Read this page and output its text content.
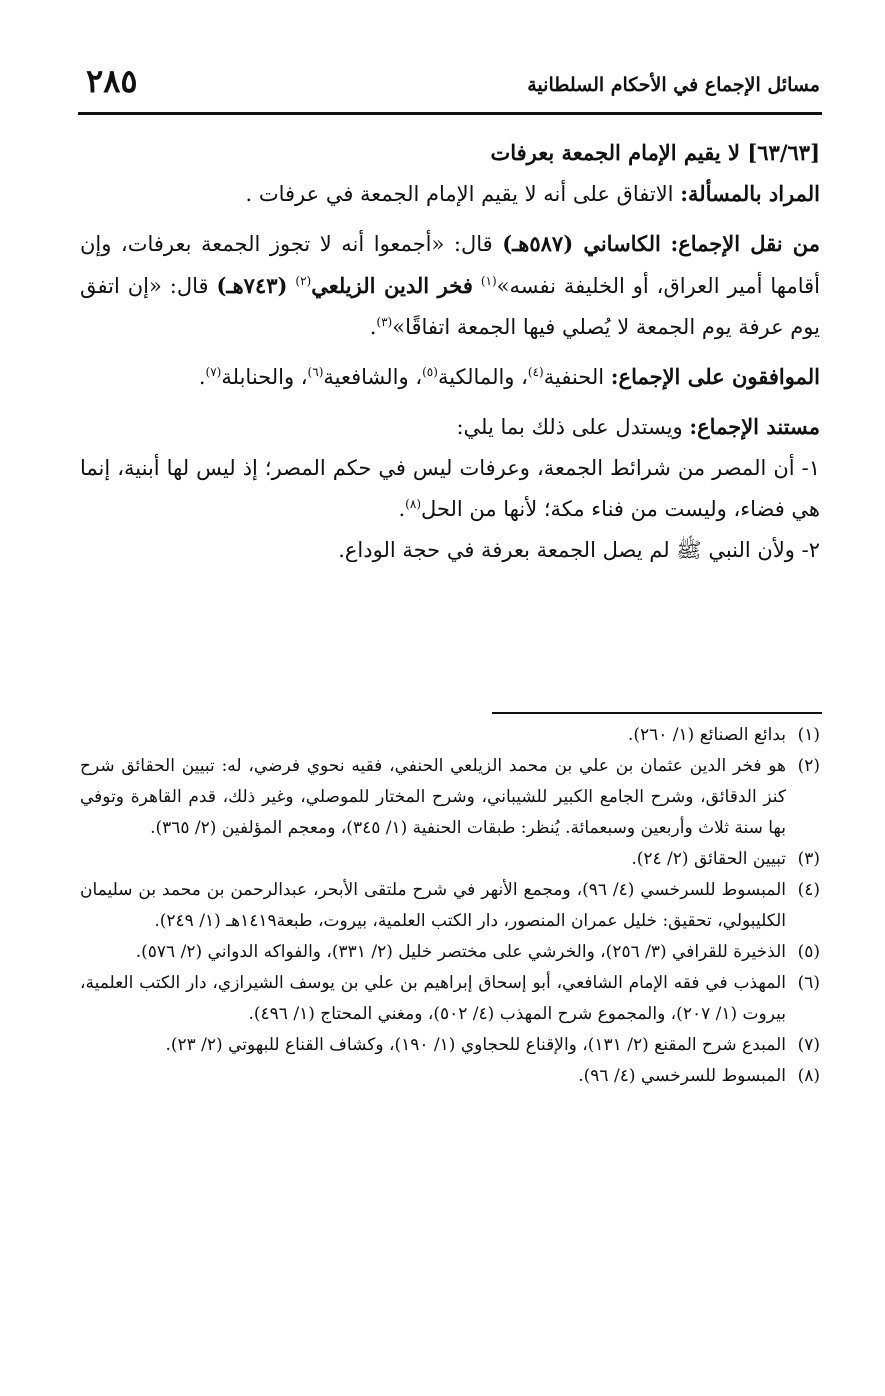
٢٨٥	مسائل الإجماع في الأحكام السلطانية

[٦٣/٦٣] لا يقيم الإمام الجمعة بعرفات

المراد بالمسألة: الاتفاق على أنه لا يقيم الإمام الجمعة في عرفات .

من نقل الإجماع: الكاساني (٥٨٧هـ) قال: «أجمعوا أنه لا تجوز الجمعة بعرفات، وإن أقامها أمير العراق، أو الخليفة نفسه»$^{(١)}$ فخر الدين الزيلعي$^{(٢)}$ (٧٤٣هـ) قال: «إن اتفق يوم عرفة يوم الجمعة لا يُصلي فيها الجمعة اتفاقًا»$^{(٣)}$.

الموافقون على الإجماع: الحنفية$^{(٤)}$، والمالكية$^{(٥)}$، والشافعية$^{(٦)}$، والحنابلة$^{(٧)}$.

مستند الإجماع: ويستدل على ذلك بما يلي:

١- أن المصر من شرائط الجمعة، وعرفات ليس في حكم المصر؛ إذ ليس لها أبنية، إنما هي فضاء، وليست من فناء مكة؛ لأنها من الحل$^{(٨)}$.

٢- ولأن النبي ﷺ لم يصل الجمعة بعرفة في حجة الوداع.

(١)بدائع الصنائع (١/ ٢٦٠).

(٢)هو فخر الدين عثمان بن علي بن محمد الزيلعي الحنفي، فقيه نحوي فرضي، له: تبيين الحقائق شرح كنز الدقائق، وشرح الجامع الكبير للشيباني، وشرح المختار للموصلي، وغير ذلك، قدم القاهرة وتوفي بها سنة ثلاث وأربعين وسبعمائة. يُنظر: طبقات الحنفية (١/ ٣٤٥)، ومعجم المؤلفين (٢/ ٣٦٥).

(٣)تبيين الحقائق (٢/ ٢٤).

(٤)المبسوط للسرخسي (٤/ ٩٦)، ومجمع الأنهر في شرح ملتقى الأبحر، عبدالرحمن بن محمد بن سليمان الكليبولي، تحقيق: خليل عمران المنصور، دار الكتب العلمية، بيروت، طبعة١٤١٩هـ (١/ ٢٤٩).

(٥)الذخيرة للقرافي (٣/ ٢٥٦)، والخرشي على مختصر خليل (٢/ ٣٣١)، والفواكه الدواني (٢/ ٥٧٦).

(٦)المهذب في فقه الإمام الشافعي، أبو إسحاق إبراهيم بن علي بن يوسف الشيرازي، دار الكتب العلمية، بيروت (١/ ٢٠٧)، والمجموع شرح المهذب (٤/ ٥٠٢)، ومغني المحتاج (١/ ٤٩٦).

(٧)المبدع شرح المقنع (٢/ ١٣١)، والإقناع للحجاوي (١/ ١٩٠)، وكشاف القناع للبهوتي (٢/ ٢٣).

(٨)المبسوط للسرخسي (٤/ ٩٦).
